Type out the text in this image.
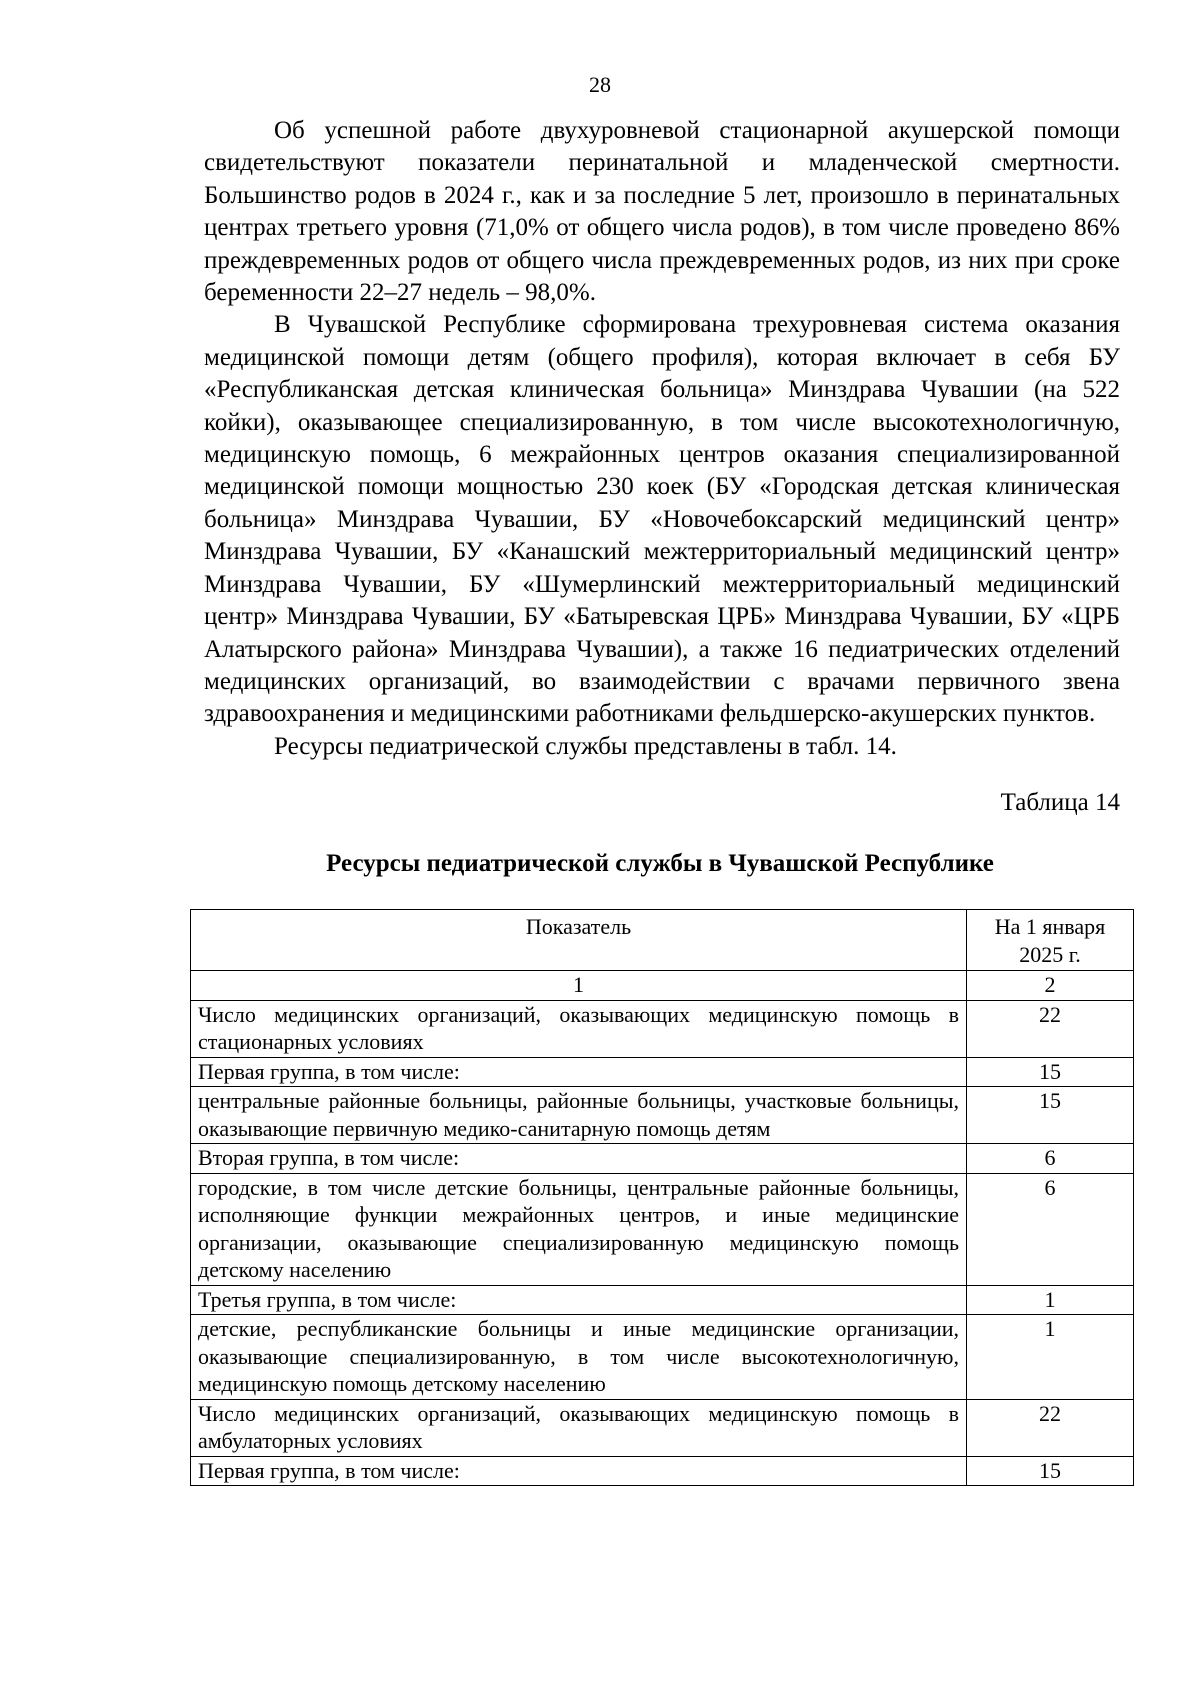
28

Об успешной работе двухуровневой стационарной акушерской помощи свидетельствуют показатели перинатальной и младенческой смертности. Большинство родов в 2024 г., как и за последние 5 лет, произошло в перинатальных центрах третьего уровня (71,0% от общего числа родов), в том числе проведено 86% преждевременных родов от общего числа преждевременных родов, из них при сроке беременности 22–27 недель – 98,0%.

В Чувашской Республике сформирована трехуровневая система оказания медицинской помощи детям (общего профиля), которая включает в себя БУ «Республиканская детская клиническая больница» Минздрава Чувашии (на 522 койки), оказывающее специализированную, в том числе высокотехнологичную, медицинскую помощь, 6 межрайонных центров оказания специализированной медицинской помощи мощностью 230 коек (БУ «Городская детская клиническая больница» Минздрава Чувашии, БУ «Новочебоксарский медицинский центр» Минздрава Чувашии, БУ «Канашский межтерриториальный медицинский центр» Минздрава Чувашии, БУ «Шумерлинский межтерриториальный медицинский центр» Минздрава Чувашии, БУ «Батыревская ЦРБ» Минздрава Чувашии, БУ «ЦРБ Алатырского района» Минздрава Чувашии), а также 16 педиатрических отделений медицинских организаций, во взаимодействии с врачами первичного звена здравоохранения и медицинскими работниками фельдшерско-акушерских пунктов.

Ресурсы педиатрической службы представлены в табл. 14.

Таблица 14
Ресурсы педиатрической службы в Чувашской Республике
Показатель	На 1 января 2025 г.
1	2
Число медицинских организаций, оказывающих медицинскую помощь в стационарных условиях	22
Первая группа, в том числе:	15
центральные районные больницы, районные больницы, участковые больницы, оказывающие первичную медико-санитарную помощь детям	15
Вторая группа, в том числе:	6
городские, в том числе детские больницы, центральные районные больницы, исполняющие функции межрайонных центров, и иные медицинские организации, оказывающие специализированную медицинскую помощь детскому населению	6
Третья группа, в том числе:	1
детские, республиканские больницы и иные медицинские организации, оказывающие специализированную, в том числе высокотехнологичную, медицинскую помощь детскому населению	1
Число медицинских организаций, оказывающих медицинскую помощь в амбулаторных условиях	22
Первая группа, в том числе:	15
